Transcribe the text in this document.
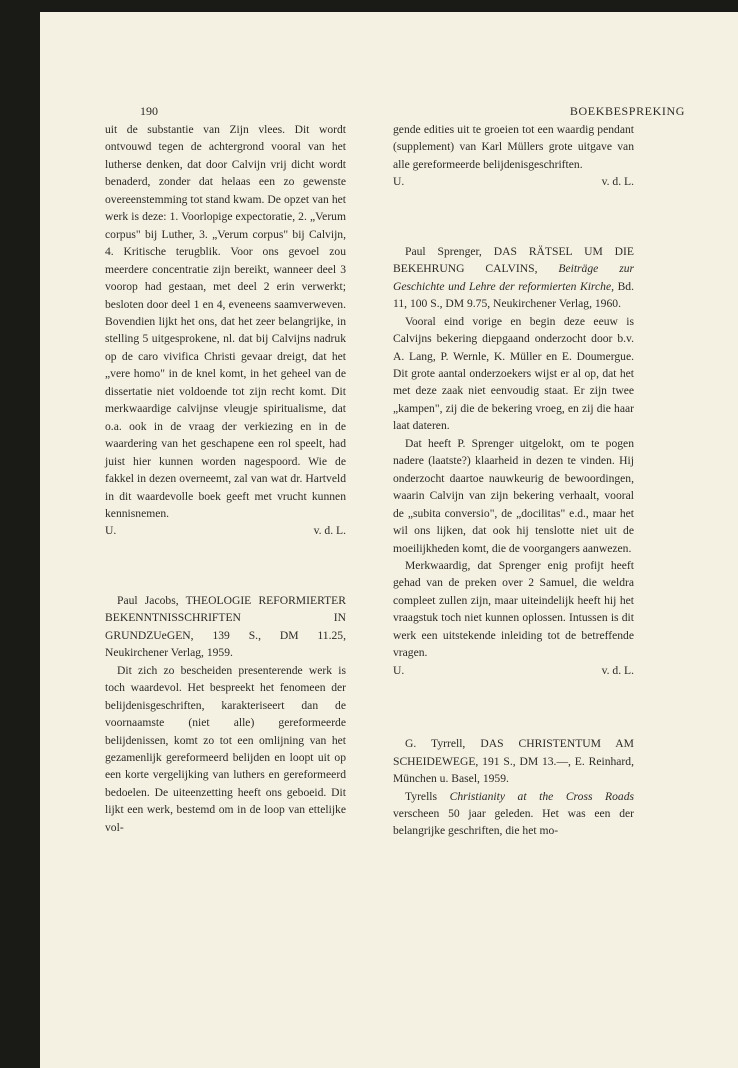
190	BOEKBESPREKING

uit de substantie van Zijn vlees. Dit wordt ontvouwd tegen de achtergrond vooral van het lutherse denken, dat door Calvijn vrij dicht wordt benaderd, zonder dat helaas een zo gewenste overeenstemming tot stand kwam. De opzet van het werk is deze: 1. Voorlopige expectoratie, 2. „Verum corpus" bij Luther, 3. „Verum corpus" bij Calvijn, 4. Kritische terugblik. Voor ons gevoel zou meerdere concentratie zijn bereikt, wanneer deel 3 voorop had gestaan, met deel 2 erin verwerkt; besloten door deel 1 en 4, eveneens saamverweven. Bovendien lijkt het ons, dat het zeer belangrijke, in stelling 5 uitgesprokene, nl. dat bij Calvijns nadruk op de caro vivifica Christi gevaar dreigt, dat het „vere homo" in de knel komt, in het geheel van de dissertatie niet voldoende tot zijn recht komt. Dit merkwaardige calvijnse vleugje spiritualisme, dat o.a. ook in de vraag der verkiezing en in de waardering van het geschapene een rol speelt, had juist hier kunnen worden nagespoord. Wie de fakkel in dezen overneemt, zal van wat dr. Hartveld in dit waardevolle boek geeft met vrucht kunnen kennisnemen.

U.	v. d. L.

Paul Jacobs, THEOLOGIE REFORMIERTER BEKENNTNISSCHRIFTEN IN GRUNDZUeGEN, 139 S., DM 11.25, Neukirchener Verlag, 1959.

Dit zich zo bescheiden presenterende werk is toch waardevol. Het bespreekt het fenomeen der belijdenisgeschriften, karakteriseert dan de voornaamste (niet alle) gereformeerde belijdenissen, komt zo tot een omlijning van het gezamenlijk gereformeerd belijden en loopt uit op een korte vergelijking van luthers en gereformeerd bedoelen. De uiteenzetting heeft ons geboeid. Dit lijkt een werk, bestemd om in de loop van ettelijke vol-

gende edities uit te groeien tot een waardig pendant (supplement) van Karl Müllers grote uitgave van alle gereformeerde belijdenisgeschriften.

U.	v. d. L.

Paul Sprenger, DAS RÄTSEL UM DIE BEKEHRUNG CALVINS, Beiträge zur Geschichte und Lehre der reformierten Kirche, Bd. 11, 100 S., DM 9.75, Neukirchener Verlag, 1960.

Vooral eind vorige en begin deze eeuw is Calvijns bekering diepgaand onderzocht door b.v. A. Lang, P. Wernle, K. Müller en E. Doumergue. Dit grote aantal onderzoekers wijst er al op, dat het met deze zaak niet eenvoudig staat. Er zijn twee „kampen", zij die de bekering vroeg, en zij die haar laat dateren.

Dat heeft P. Sprenger uitgelokt, om te pogen nadere (laatste?) klaarheid in dezen te vinden. Hij onderzocht daartoe nauwkeurig de bewoordingen, waarin Calvijn van zijn bekering verhaalt, vooral de „subita conversio", de „docilitas" e.d., maar het wil ons lijken, dat ook hij tenslotte niet uit de moeilijkheden komt, die de voorgangers aanwezen.

Merkwaardig, dat Sprenger enig profijt heeft gehad van de preken over 2 Samuel, die weldra compleet zullen zijn, maar uiteindelijk heeft hij het vraagstuk toch niet kunnen oplossen. Intussen is dit werk een uitstekende inleiding tot de betreffende vragen.

U.	v. d. L.

G. Tyrrell, DAS CHRISTENTUM AM SCHEIDEWEGE, 191 S., DM 13.—, E. Reinhard, München u. Basel, 1959.

Tyrells Christianity at the Cross Roads verscheen 50 jaar geleden. Het was een der belangrijke geschriften, die het mo-
